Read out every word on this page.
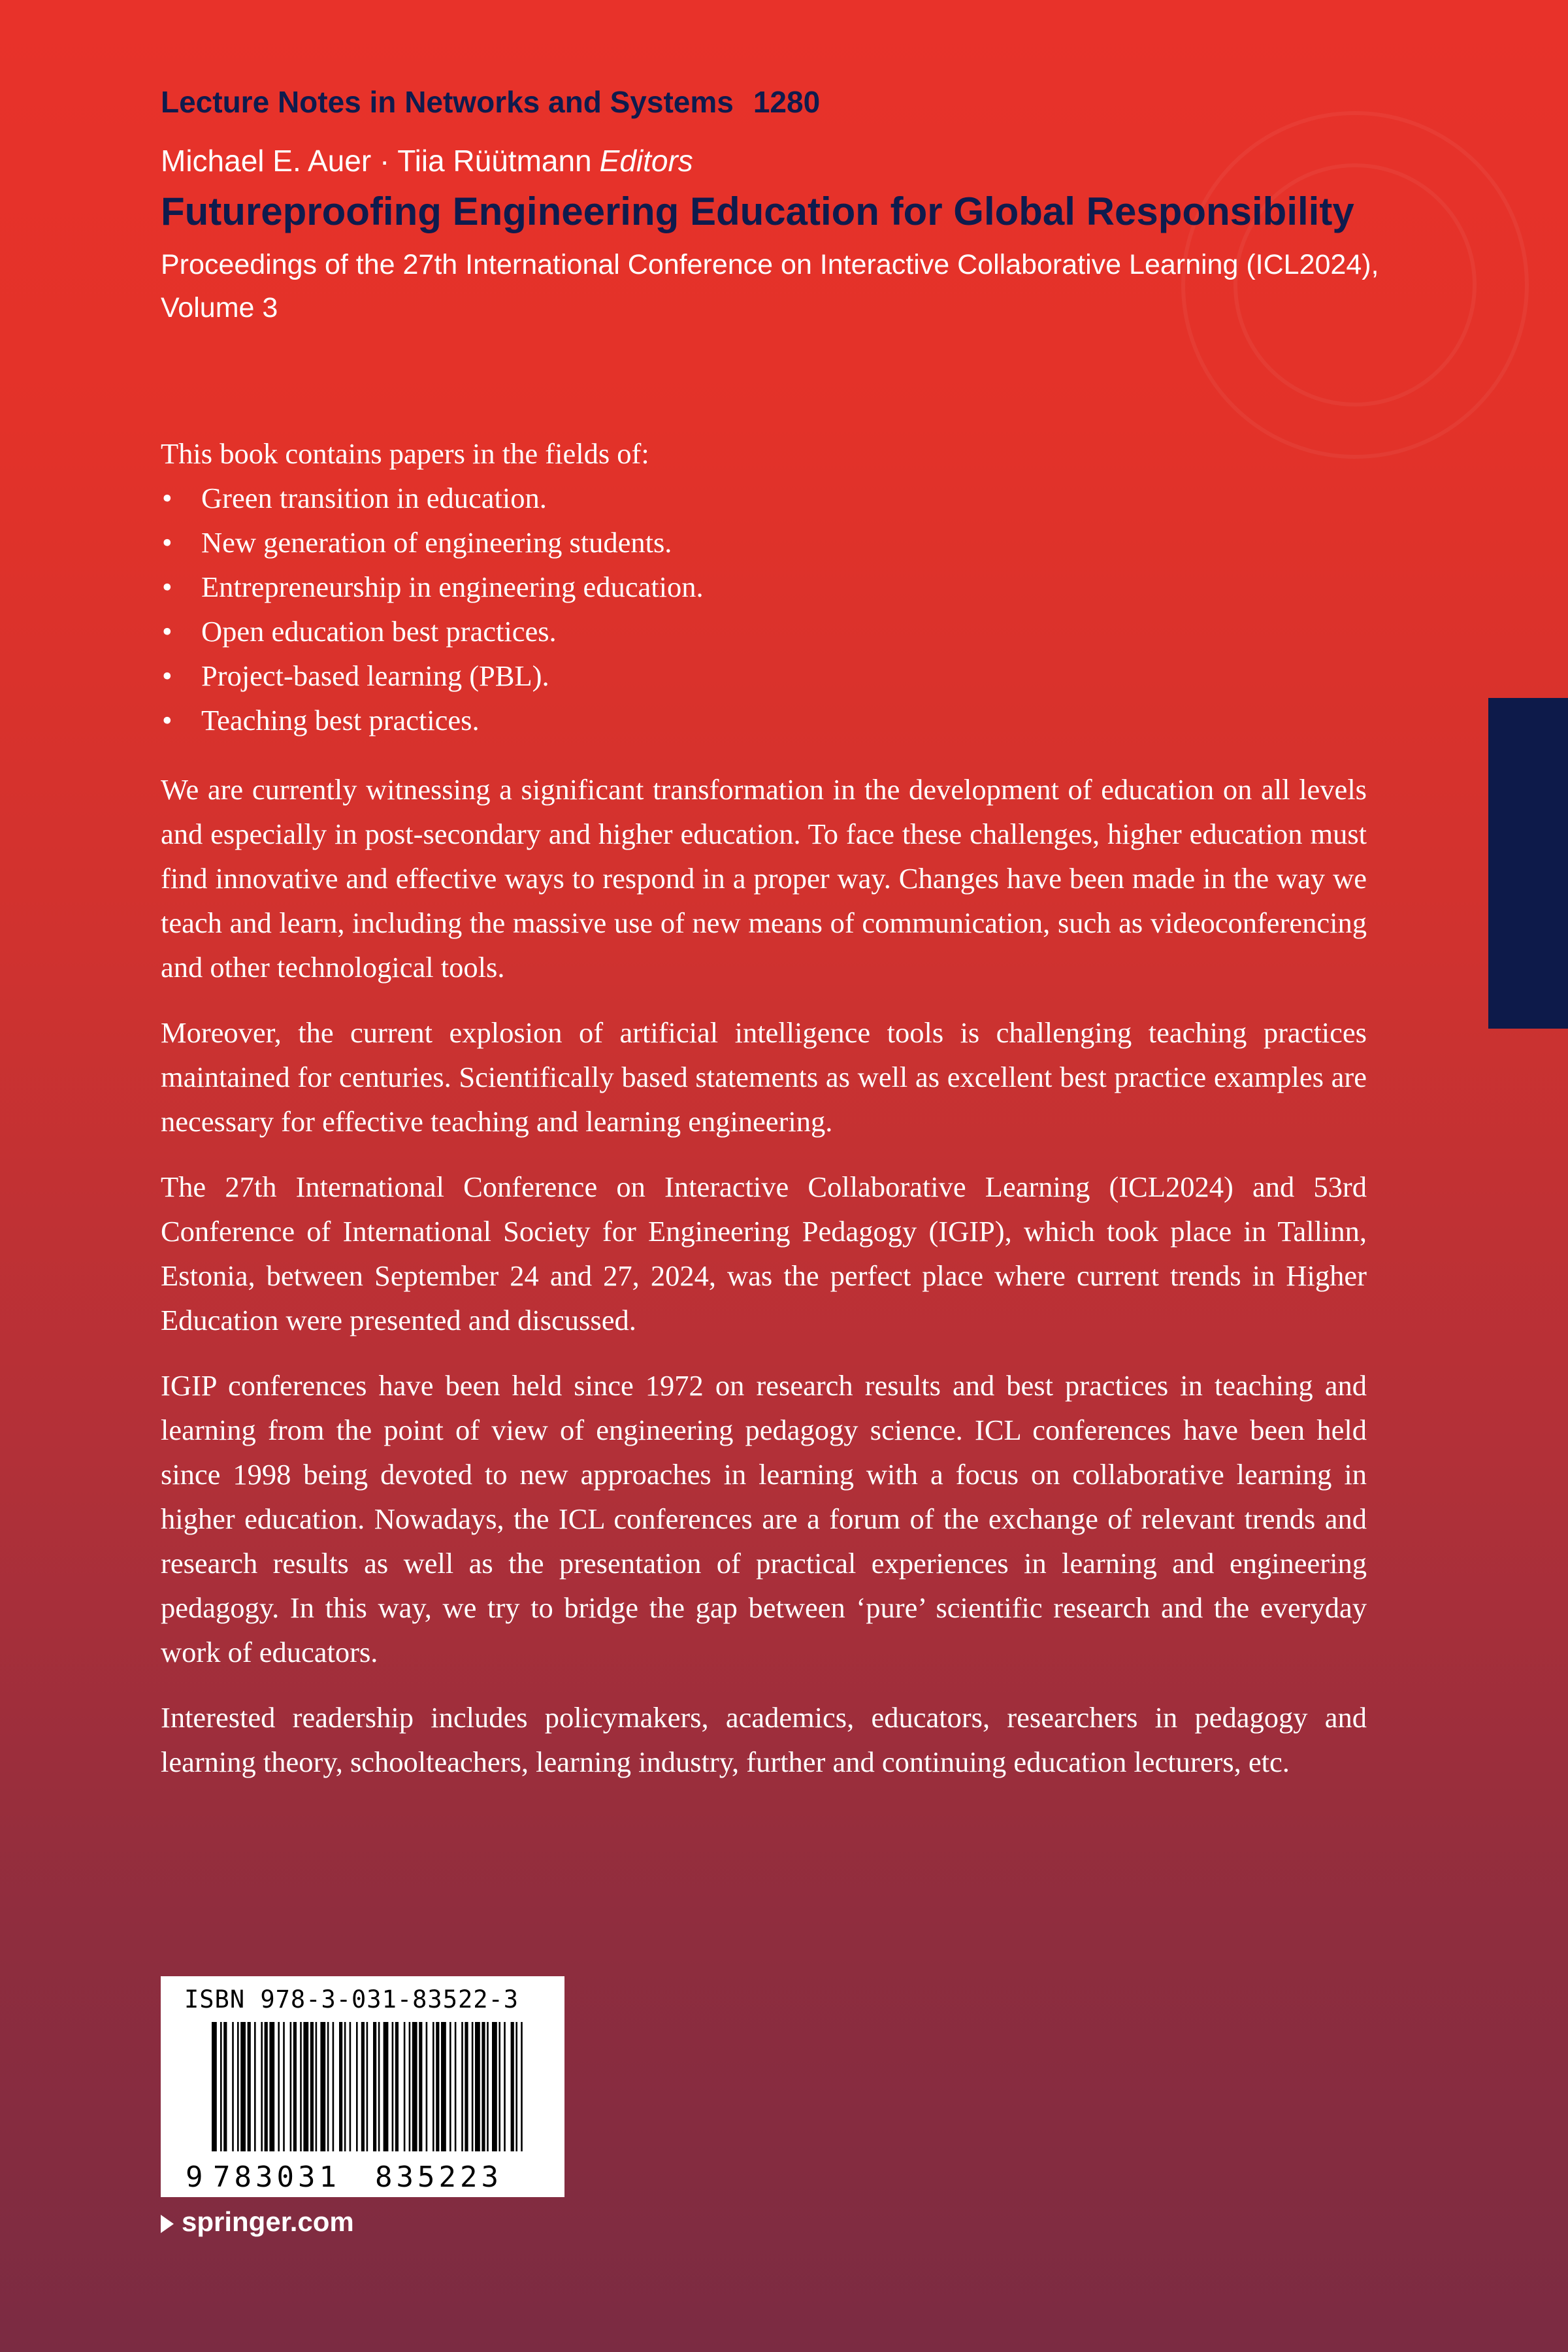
Lecture Notes in Networks and Systems 1280
Michael E. Auer · Tiia Rüütmann Editors
Futureproofing Engineering Education for Global Responsibility
Proceedings of the 27th International Conference on Interactive Collaborative Learning (ICL2024), Volume 3

This book contains papers in the fields of:

• Green transition in education.
• New generation of engineering students.
• Entrepreneurship in engineering education.
• Open education best practices.
• Project-based learning (PBL).
• Teaching best practices.

We are currently witnessing a significant transformation in the development of education on all levels and especially in post-secondary and higher education. To face these challenges, higher education must find innovative and effective ways to respond in a proper way. Changes have been made in the way we teach and learn, including the massive use of new means of communication, such as videoconferencing and other technological tools.

Moreover, the current explosion of artificial intelligence tools is challenging teaching practices maintained for centuries. Scientifically based statements as well as excellent best practice examples are necessary for effective teaching and learning engineering.

The 27th International Conference on Interactive Collaborative Learning (ICL2024) and 53rd Conference of International Society for Engineering Pedagogy (IGIP), which took place in Tallinn, Estonia, between September 24 and 27, 2024, was the perfect place where current trends in Higher Education were presented and discussed.

IGIP conferences have been held since 1972 on research results and best practices in teaching and learning from the point of view of engineering pedagogy science. ICL conferences have been held since 1998 being devoted to new approaches in learning with a focus on collaborative learning in higher education. Nowadays, the ICL conferences are a forum of the exchange of relevant trends and research results as well as the presentation of practical experiences in learning and engineering pedagogy. In this way, we try to bridge the gap between ‘pure’ scientific research and the everyday work of educators.

Interested readership includes policymakers, academics, educators, researchers in pedagogy and learning theory, schoolteachers, learning industry, further and continuing education lecturers, etc.

ISBN 978-3-031-83522-3
9 783031 835223
springer.com
